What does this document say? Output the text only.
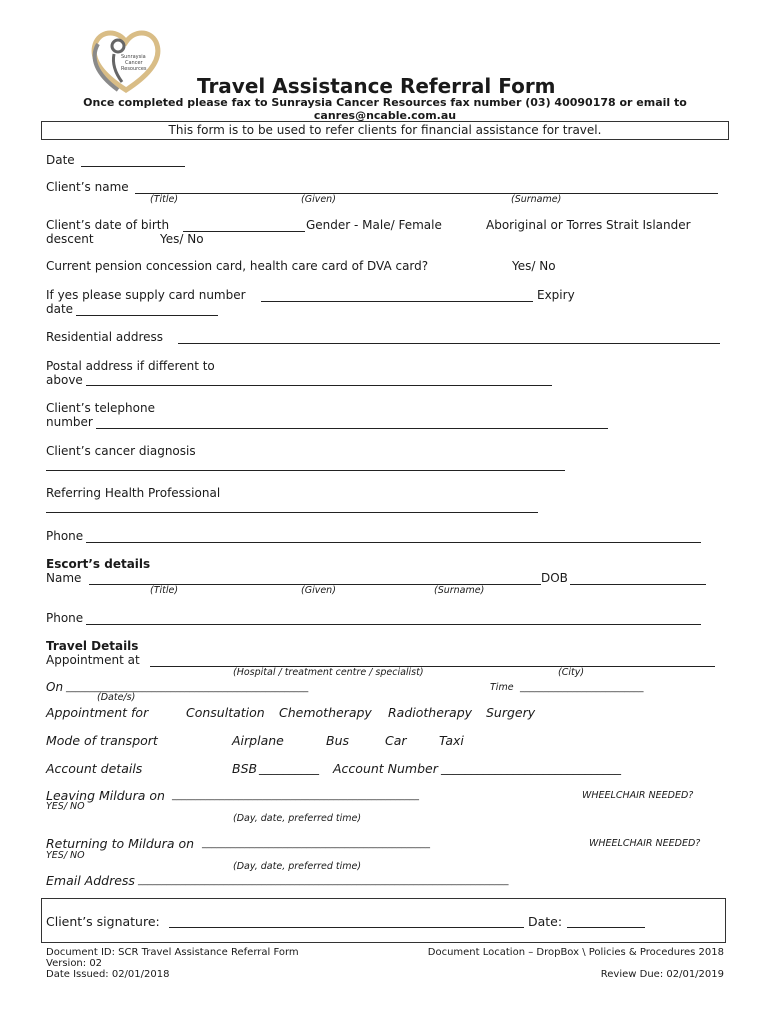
Sunraysia
Cancer
Resources
Travel Assistance Referral Form
Once completed please fax to Sunraysia Cancer Resources fax number (03) 40090178 or email to
canres@ncable.com.au
This form is to be used to refer clients for financial assistance for travel.
Date
Client’s name
(Title)	(Given)	(Surname)
Client’s date of birth	Gender - Male/ Female	Aboriginal or Torres Strait Islander
descent	Yes/ No
Current pension concession card, health care card of DVA card?	Yes/ No
If yes please supply card number	Expiry
date
Residential address
Postal address if different to
above
Client’s telephone
number
Client’s cancer diagnosis
Referring Health Professional
Phone
Escort’s details
Name	DOB
(Title)	(Given)	(Surname)
Phone
Travel Details
Appointment at
(Hospital / treatment centre / specialist)	(City)
On ___________________________________________________	Time __________________________
(Date/s)
Appointment for	Consultation Chemotherapy Radiotherapy Surgery
Mode of transport	Airplane	Bus	Car	Taxi
Account details	BSB __________ Account Number ______________________________
Leaving Mildura on ____________________________________________________	WHEELCHAIR NEEDED?
YES/ NO
(Day, date, preferred time)
Returning to Mildura on ________________________________________________	WHEELCHAIR NEEDED?
YES/ NO
(Day, date, preferred time)
Email Address ______________________________________________________________________________
Client’s signature:	Date:
Document ID: SCR Travel Assistance Referral Form
Version: 02
Date Issued: 02/01/2018
Document Location – DropBox \ Policies & Procedures 2018
Review Due: 02/01/2019
